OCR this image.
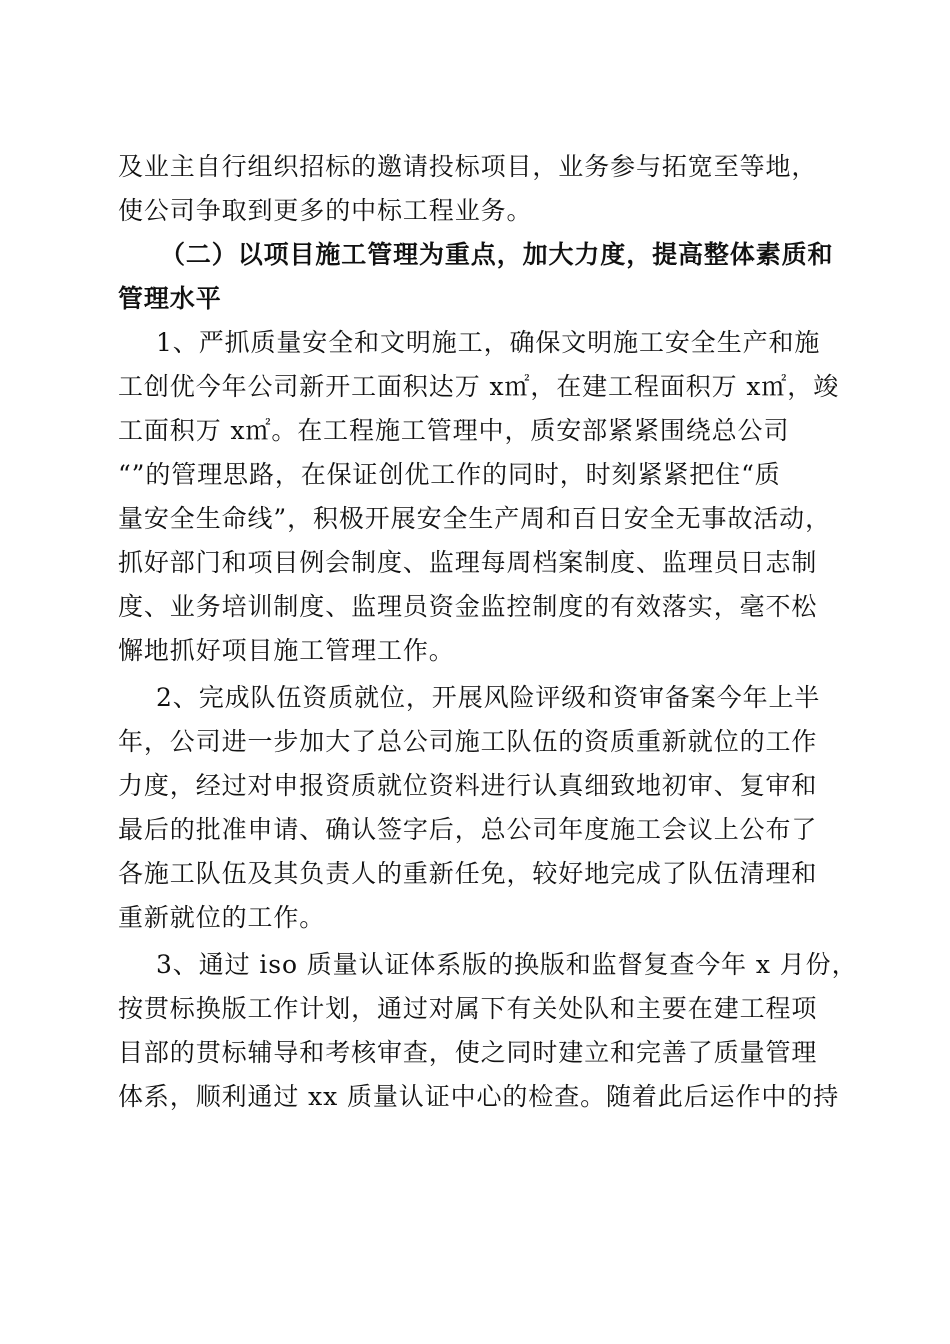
及业主自行组织招标的邀请投标项目，业务参与拓宽至等地，
使公司争取到更多的中标工程业务。
（二）以项目施工管理为重点，加大力度，提高整体素质和
管理水平
1、严抓质量安全和文明施工，确保文明施工安全生产和施
工创优今年公司新开工面积达万 x㎡，在建工程面积万 x㎡，竣
工面积万 x㎡。在工程施工管理中，质安部紧紧围绕总公司
“”的管理思路，在保证创优工作的同时，时刻紧紧把住“质
量安全生命线”，积极开展安全生产周和百日安全无事故活动，
抓好部门和项目例会制度、监理每周档案制度、监理员日志制
度、业务培训制度、监理员资金监控制度的有效落实，毫不松
懈地抓好项目施工管理工作。
2、完成队伍资质就位，开展风险评级和资审备案今年上半
年，公司进一步加大了总公司施工队伍的资质重新就位的工作
力度，经过对申报资质就位资料进行认真细致地初审、复审和
最后的批准申请、确认签字后，总公司年度施工会议上公布了
各施工队伍及其负责人的重新任免，较好地完成了队伍清理和
重新就位的工作。
3、通过 iso 质量认证体系版的换版和监督复查今年 x 月份，
按贯标换版工作计划，通过对属下有关处队和主要在建工程项
目部的贯标辅导和考核审查，使之同时建立和完善了质量管理
体系，顺利通过 xx 质量认证中心的检查。随着此后运作中的持
